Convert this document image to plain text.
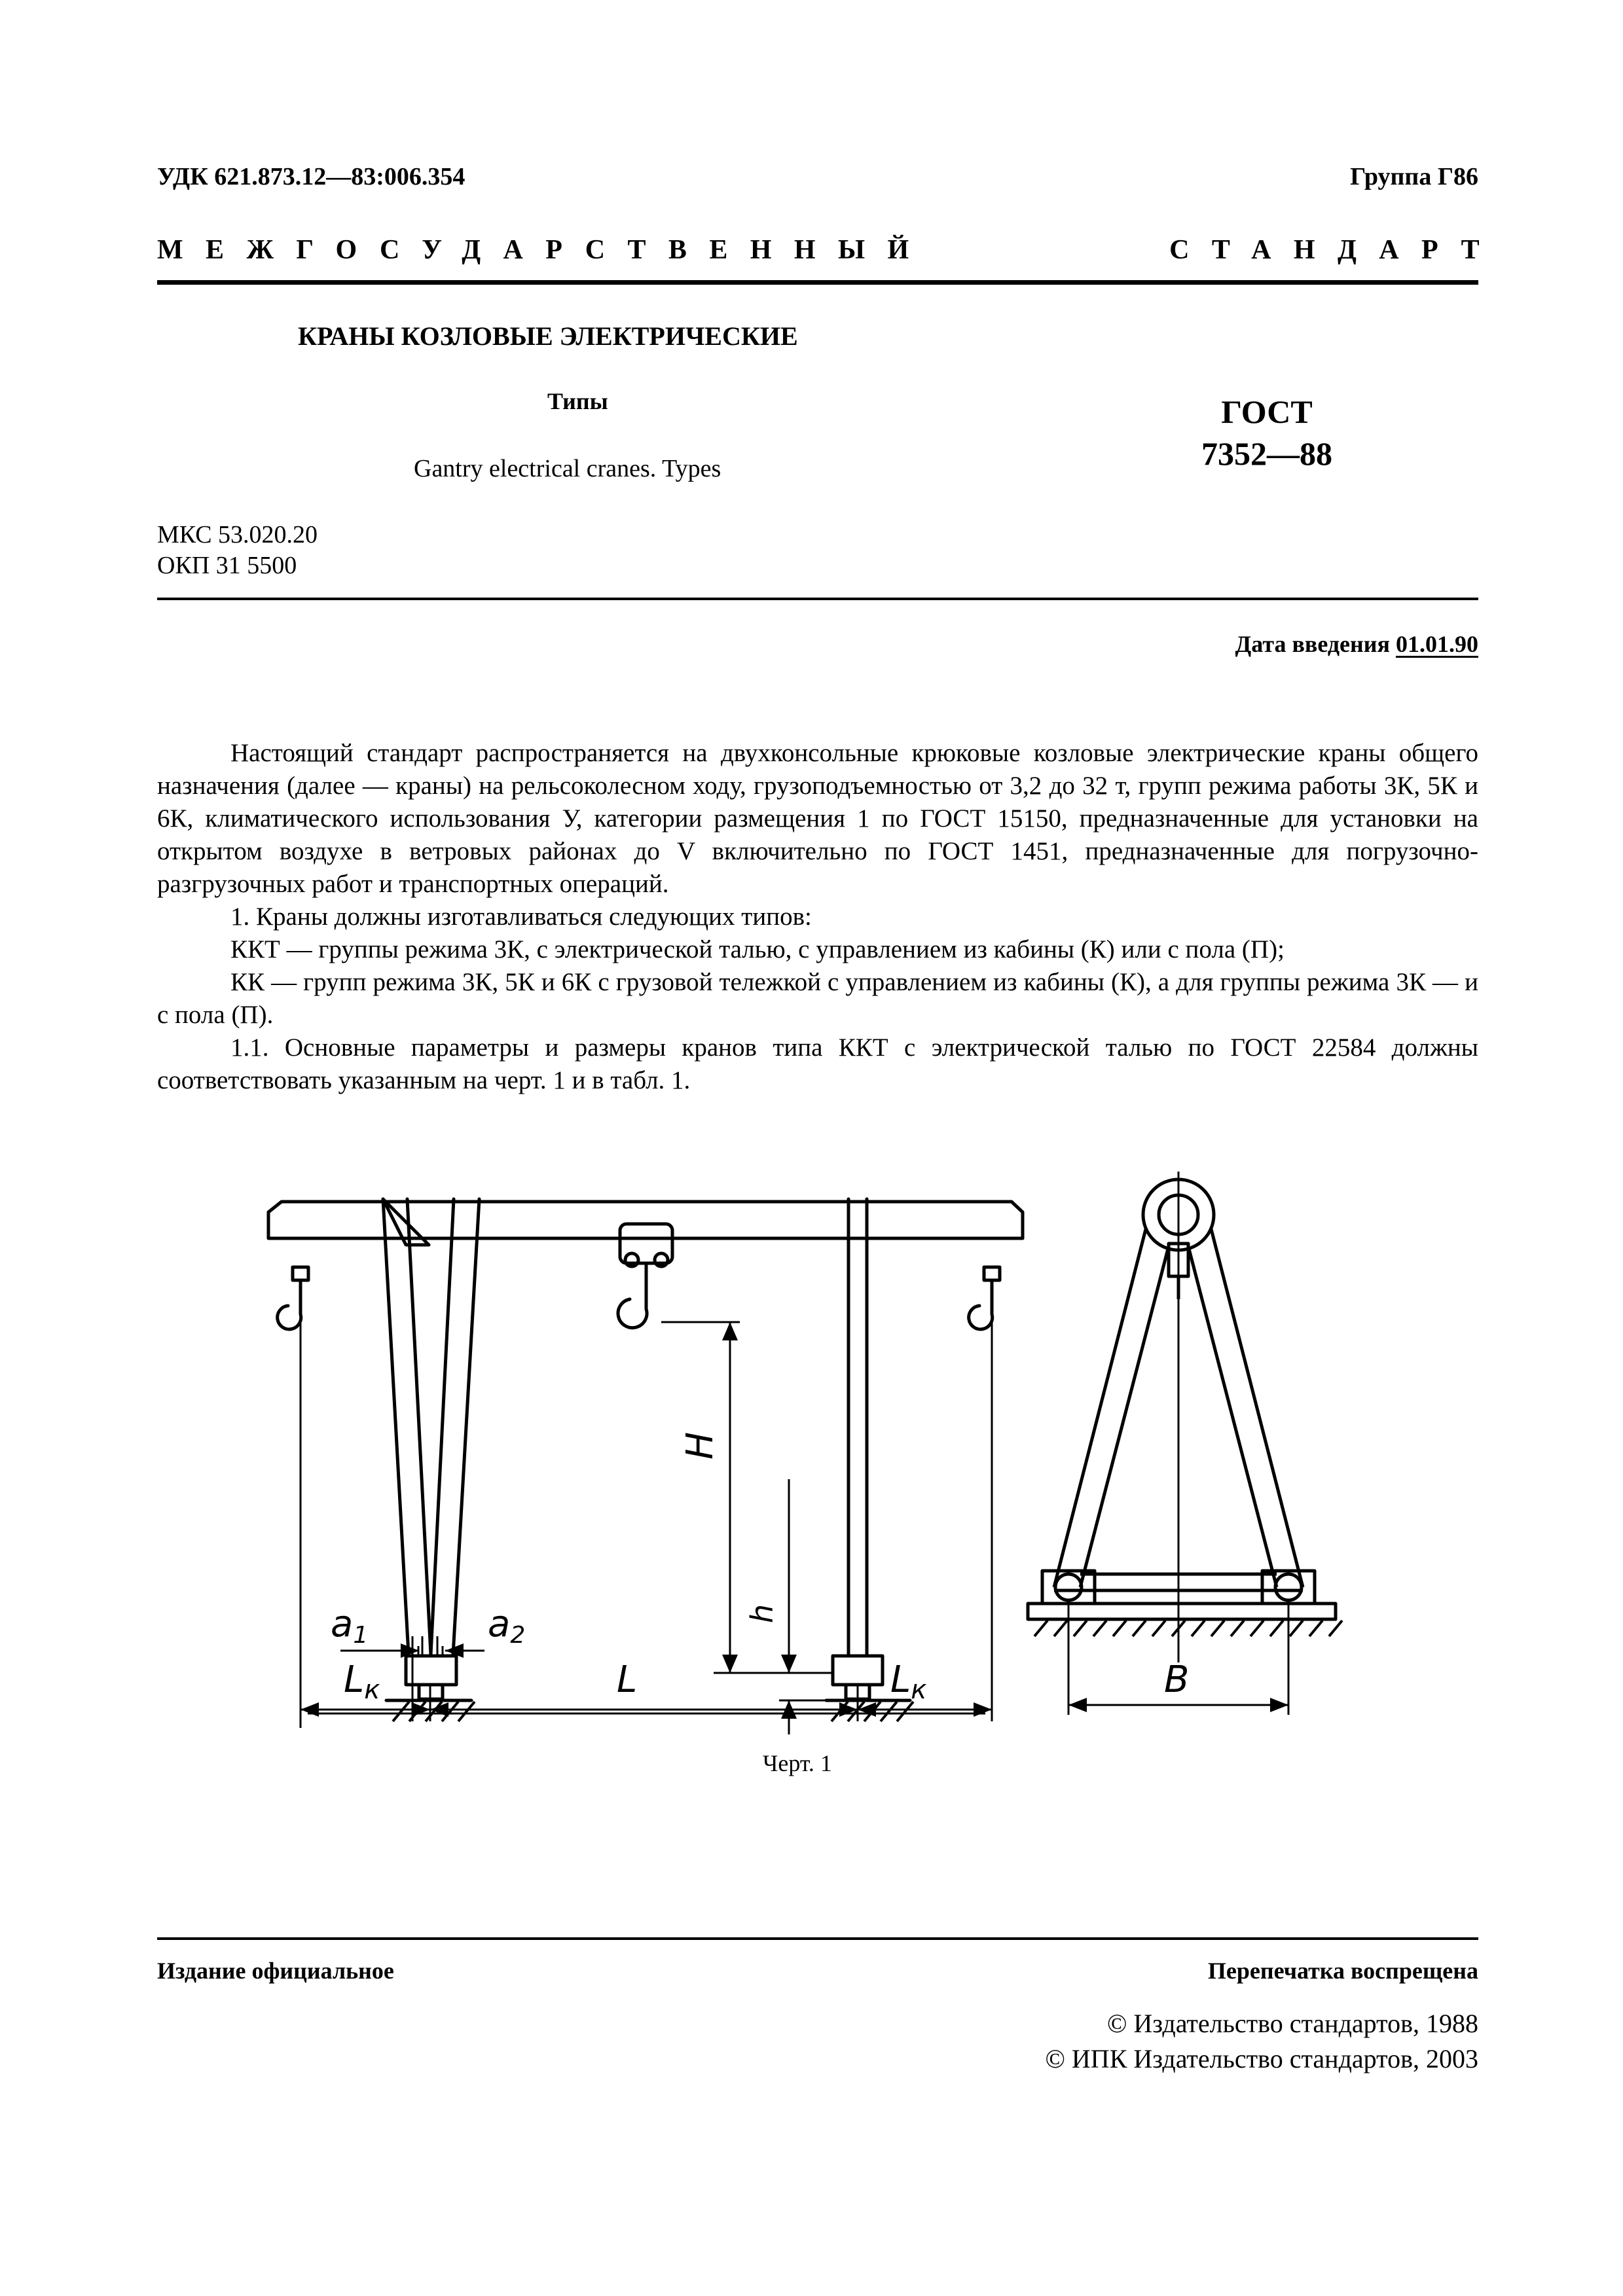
УДК 621.873.12—83:006.354	Группа Г86
МЕЖГОСУДАРСТВЕННЫЙ	СТАНДАРТ
КРАНЫ КОЗЛОВЫЕ ЭЛЕКТРИЧЕСКИЕ
Типы
Gantry electrical cranes. Types
ГОСТ
7352—88
МКС 53.020.20
ОКП 31 5500
Дата введения 01.01.90

Настоящий стандарт распространяется на двухконсольные крюковые козловые электрические краны общего назначения (далее — краны) на рельсоколесном ходу, грузоподъемностью от 3,2 до 32 т, групп режима работы 3К, 5К и 6К, климатического использования У, категории размещения 1 по ГОСТ 15150, предназначенные для установки на открытом воздухе в ветровых районах до V включительно по ГОСТ 1451, предназначенные для погрузочно-разгрузочных работ и транспортных операций.

1. Краны должны изготавливаться следующих типов:

ККТ — группы режима 3К, с электрической талью, с управлением из кабины (К) или с пола (П);

КК — групп режима 3К, 5К и 6К с грузовой тележкой с управлением из кабины (К), а для группы режима 3К — и с пола (П).

1.1. Основные параметры и размеры кранов типа ККТ с электрической талью по ГОСТ 22584 должны соответствовать указанным на черт. 1 и в табл. 1.

H
h
a1	a2
Lк	L	Lк	B
Черт. 1
Издание официальное	Перепечатка воспрещена
© Издательство стандартов, 1988
© ИПК Издательство стандартов, 2003
